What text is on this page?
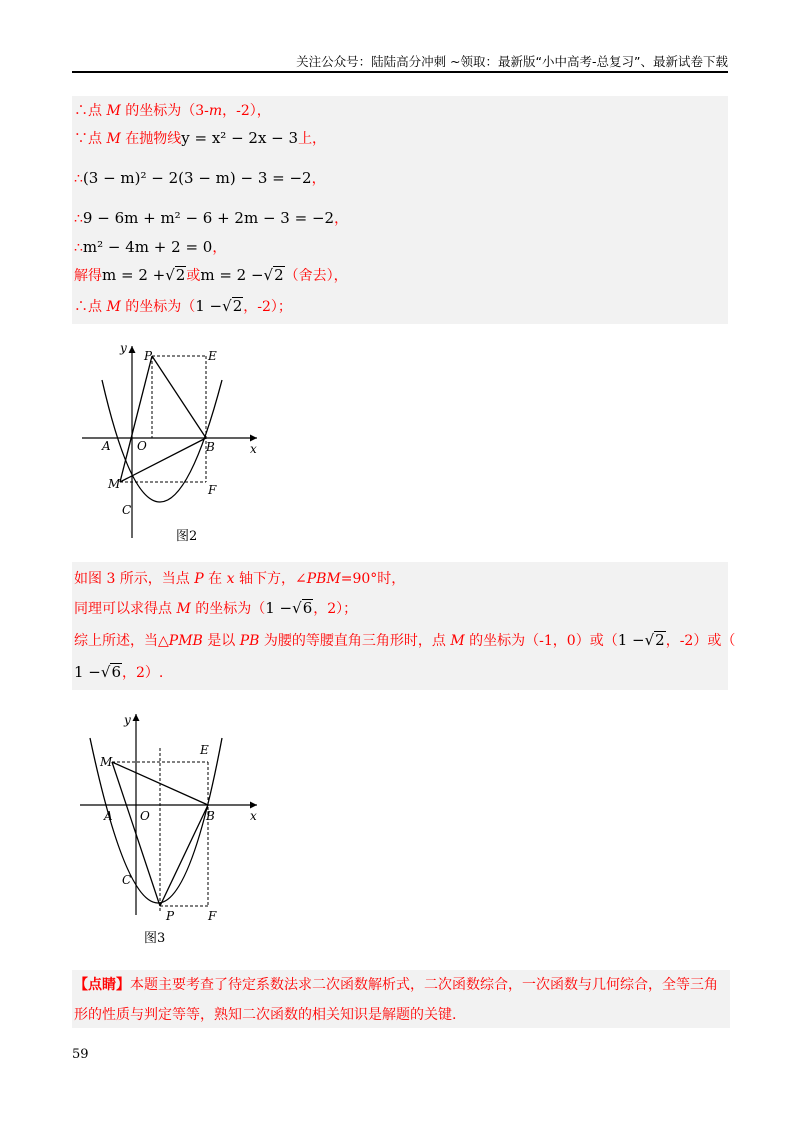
关注公众号：陆陆高分冲刺 ~领取：最新版“小中高考-总复习”、最新试卷下载
∴点 M 的坐标为（3-m，-2），
∵点 M 在抛物线y = x² − 2x − 3上，
∴(3 − m)² − 2(3 − m) − 3 = −2，
∴9 − 6m + m² − 6 + 2m − 3 = −2，
∴m² − 4m + 2 = 0，
解得m = 2 +√2或m = 2 −√2（舍去），
∴点 M 的坐标为（1 −√2，-2）；
y
x
P	E
A O	B
M	F
C
图2
如图 3 所示，当点 P 在 x 轴下方，∠PBM=90°时，
同理可以求得点 M 的坐标为（1 −√6，2）；
综上所述，当△PMB 是以 PB 为腰的等腰直角三角形时，点 M 的坐标为（-1，0）或（1 −√2，-2）或（
1 −√6，2）.
y
x
M
E
A O	B
C
P	F
图3
【点睛】本题主要考查了待定系数法求二次函数解析式，二次函数综合，一次函数与几何综合，全等三角
形的性质与判定等等，熟知二次函数的相关知识是解题的关键.
59
